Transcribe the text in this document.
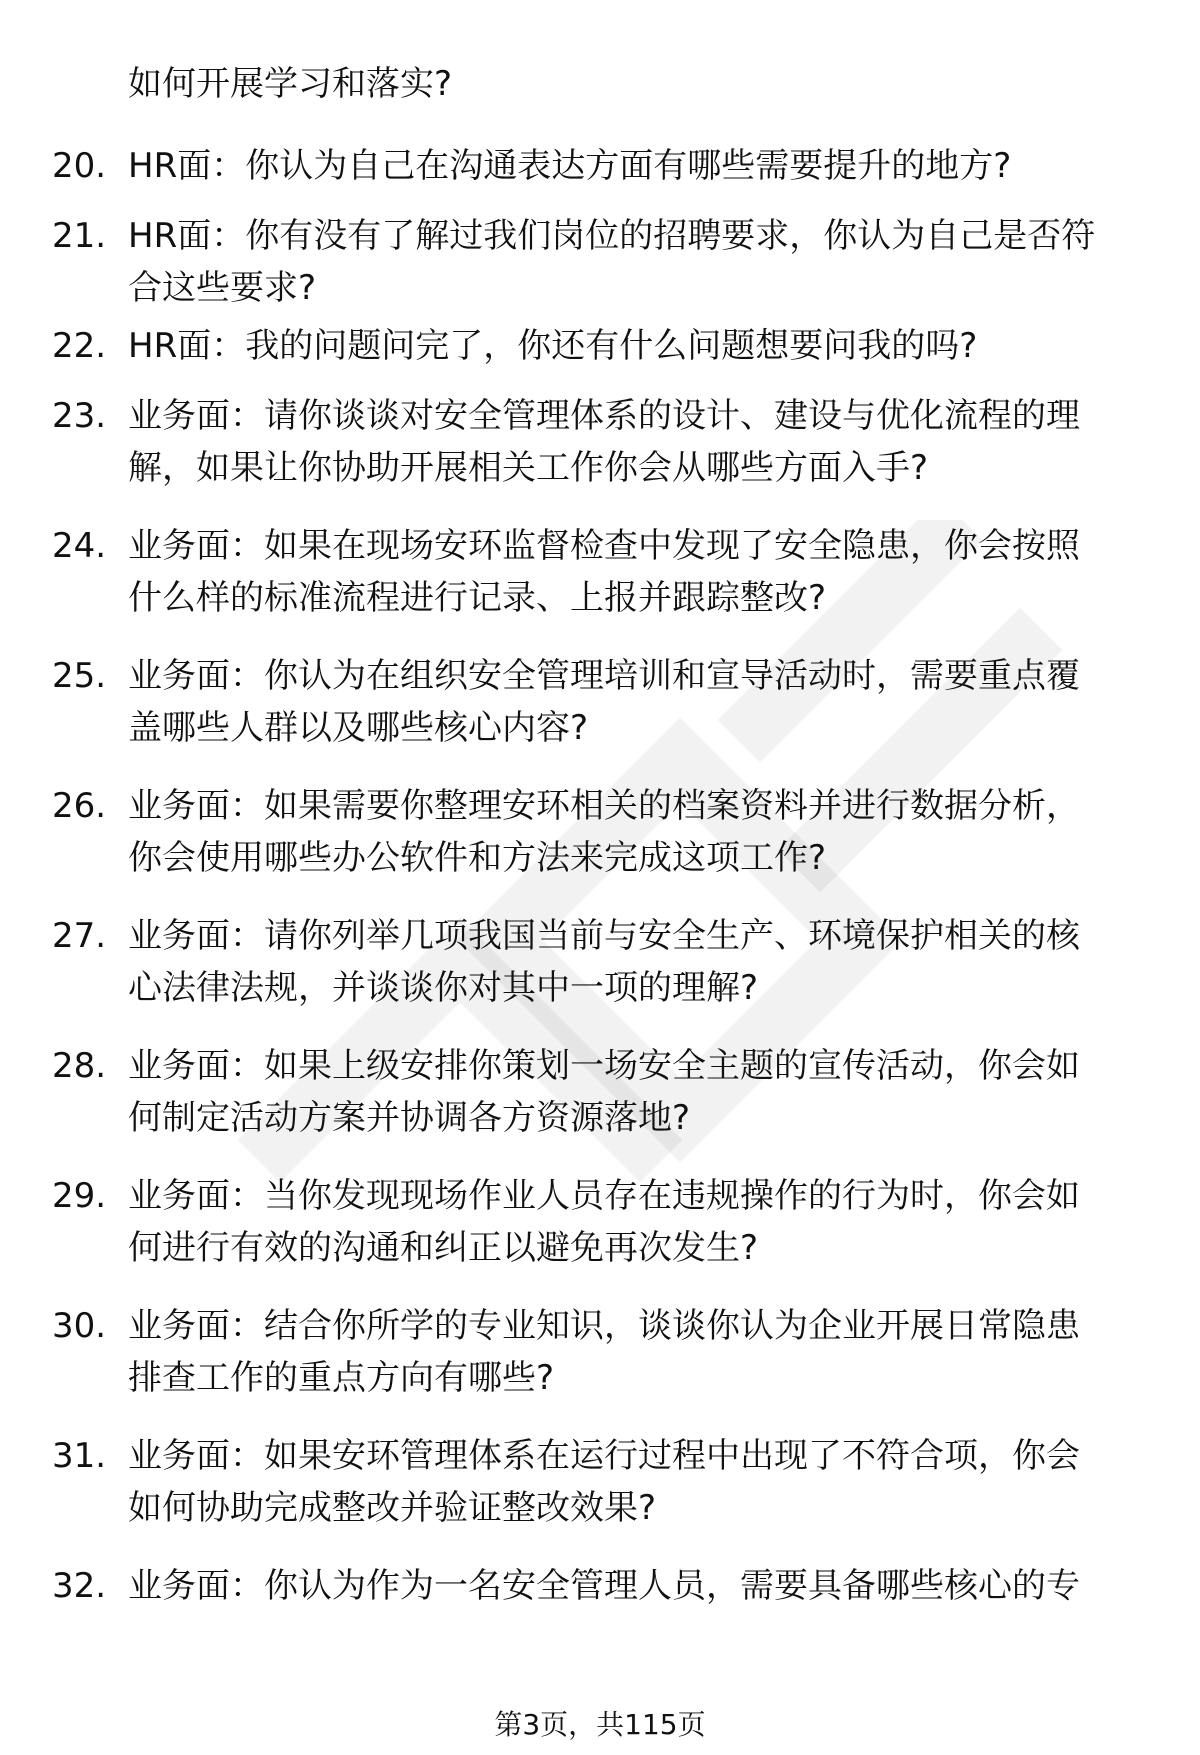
如何开展学习和落实?
20. HR面：你认为自己在沟通表达方面有哪些需要提升的地方?
21. HR面：你有没有了解过我们岗位的招聘要求，你认为自己是否符
合这些要求?
22. HR面：我的问题问完了，你还有什么问题想要问我的吗?
23. 业务面：请你谈谈对安全管理体系的设计、建设与优化流程的理
解，如果让你协助开展相关工作你会从哪些方面入手?
24. 业务面：如果在现场安环监督检查中发现了安全隐患，你会按照
什么样的标准流程进行记录、上报并跟踪整改?
25. 业务面：你认为在组织安全管理培训和宣导活动时，需要重点覆
盖哪些人群以及哪些核心内容?
26. 业务面：如果需要你整理安环相关的档案资料并进行数据分析，
你会使用哪些办公软件和方法来完成这项工作?
27. 业务面：请你列举几项我国当前与安全生产、环境保护相关的核
心法律法规，并谈谈你对其中一项的理解?
28. 业务面：如果上级安排你策划一场安全主题的宣传活动，你会如
何制定活动方案并协调各方资源落地?
29. 业务面：当你发现现场作业人员存在违规操作的行为时，你会如
何进行有效的沟通和纠正以避免再次发生?
30. 业务面：结合你所学的专业知识，谈谈你认为企业开展日常隐患
排查工作的重点方向有哪些?
31. 业务面：如果安环管理体系在运行过程中出现了不符合项，你会
如何协助完成整改并验证整改效果?
32. 业务面：你认为作为一名安全管理人员，需要具备哪些核心的专
第3页，共115页
